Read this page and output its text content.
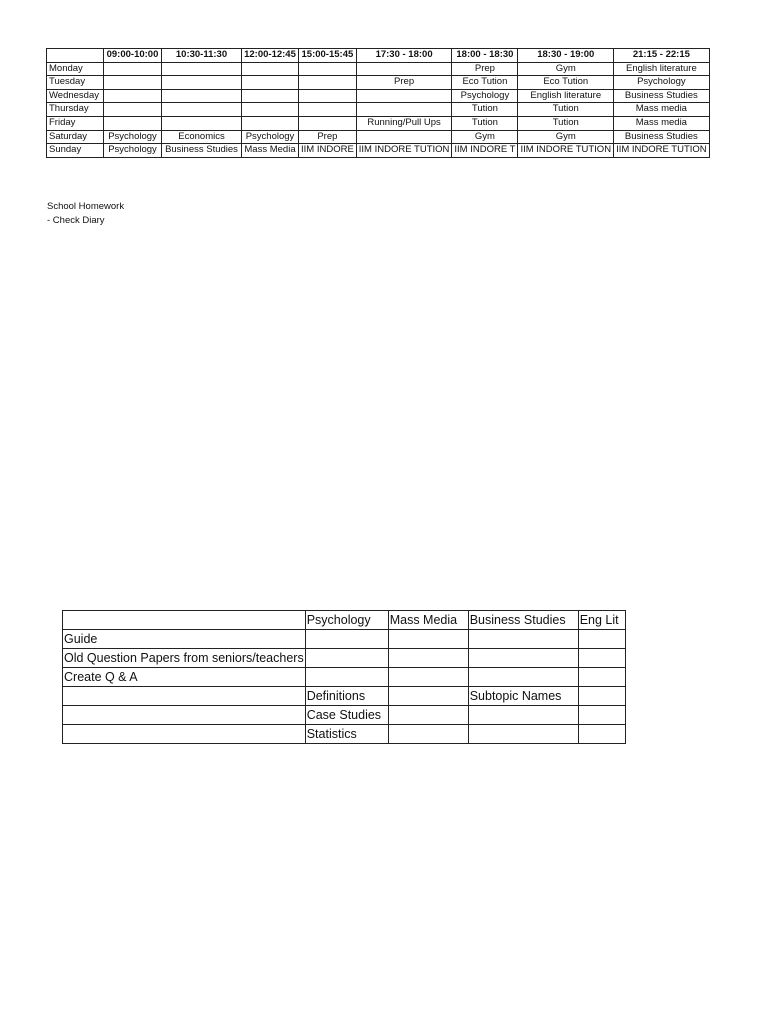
	09:00-10:00	10:30-11:30	12:00-12:45	15:00-15:45	17:30 - 18:00	18:00 - 18:30	18:30 - 19:00	21:15 - 22:15
Monday						Prep	Gym	English literature
Tuesday					Prep	Eco Tution	Eco Tution	Psychology
Wednesday						Psychology	English literature	Business Studies
Thursday						Tution	Tution	Mass media
Friday					Running/Pull Ups	Tution	Tution	Mass media
Saturday	Psychology	Economics	Psychology	Prep		Gym	Gym	Business Studies
Sunday	Psychology	Business Studies	Mass Media	IIM INDORE	IIM INDORE TUTION	IIM INDORE T	IIM INDORE TUTION	IIM INDORE TUTION
School Homework
- Check Diary
	Psychology	Mass Media	Business Studies	Eng Lit
Guide				
Old Question Papers from seniors/teachers				
Create Q & A				
	Definitions		Subtopic Names	
	Case Studies			
	Statistics			
